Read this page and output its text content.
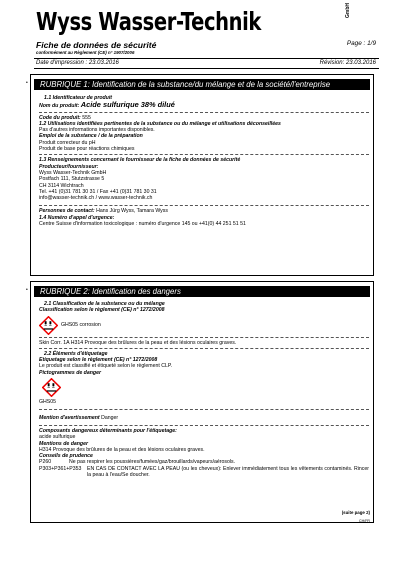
Wyss Wasser-Technik	GmbH
Fiche de données de sécurité	Page : 1/9
conformément au Règlement (CE) n° 1907/2006
Date d'impression : 23.03.2016	Révision: 23.03.2016
•	RUBRIQUE 1: Identification de la substance/du mélange et de la société/l'entreprise
1.1 Identificateur de produit
Nom du produit: Acide sulfurique 38% dilué
Code du produit: 555
1.2 Utilisations identifiées pertinentes de la substance ou du mélange et utilisations déconseillées
Pas d'autres informations importantes disponibles.
Emploi de la substance / de la préparation
Produit correcteur du pH
Produit de base pour réactions chimiques
1.3 Renseignements concernant le fournisseur de la fiche de données de sécurité
Producteur/fournisseur:
Wyss Wasser-Technik GmbH
Postfach 111, Stutzstrasse 5
CH 3114 Wichtrach
Tel. +41 (0)31 781 30 31 / Fax +41 (0)31 781 30 31
info@wasser-technik.ch / www.wasser-technik.ch
Personnes de contact: Hans Jürg Wyss, Tamara Wyss
1.4 Numéro d'appel d'urgence:
Centre Suisse d'information toxicologique : numéro d'urgence 145 ou +41(0) 44 251 51 51
•	RUBRIQUE 2: Identification des dangers
2.1 Classification de la substance ou du mélange
Classification selon le règlement (CE) n° 1272/2008
GHS05 corrosion
Skin Corr. 1A H314 Provoque des brûlures de la peau et des lésions oculaires graves.
2.2 Éléments d'étiquetage
Etiquetage selon le règlement (CE) n° 1272/2008
Le produit est classifié et étiqueté selon le règlement CLP.
Pictogrammes de danger
GHS05
Mention d'avertissement Danger
Composants dangereux déterminants pour l'étiquetage:
acide sulfurique
Mentions de danger
H314 Provoque des brûlures de la peau et des lésions oculaires graves.
Conseils de prudence
P260	Ne pas respirer les poussières/fumées/gaz/brouillards/vapeurs/aérosols.
P303+P361+P353	EN CAS DE CONTACT AVEC LA PEAU (ou les cheveux): Enlever immédiatement tous les vêtements contaminés. Rincer la peau à l'eau/Se doucher.
(suite page 2)
CH/FR
